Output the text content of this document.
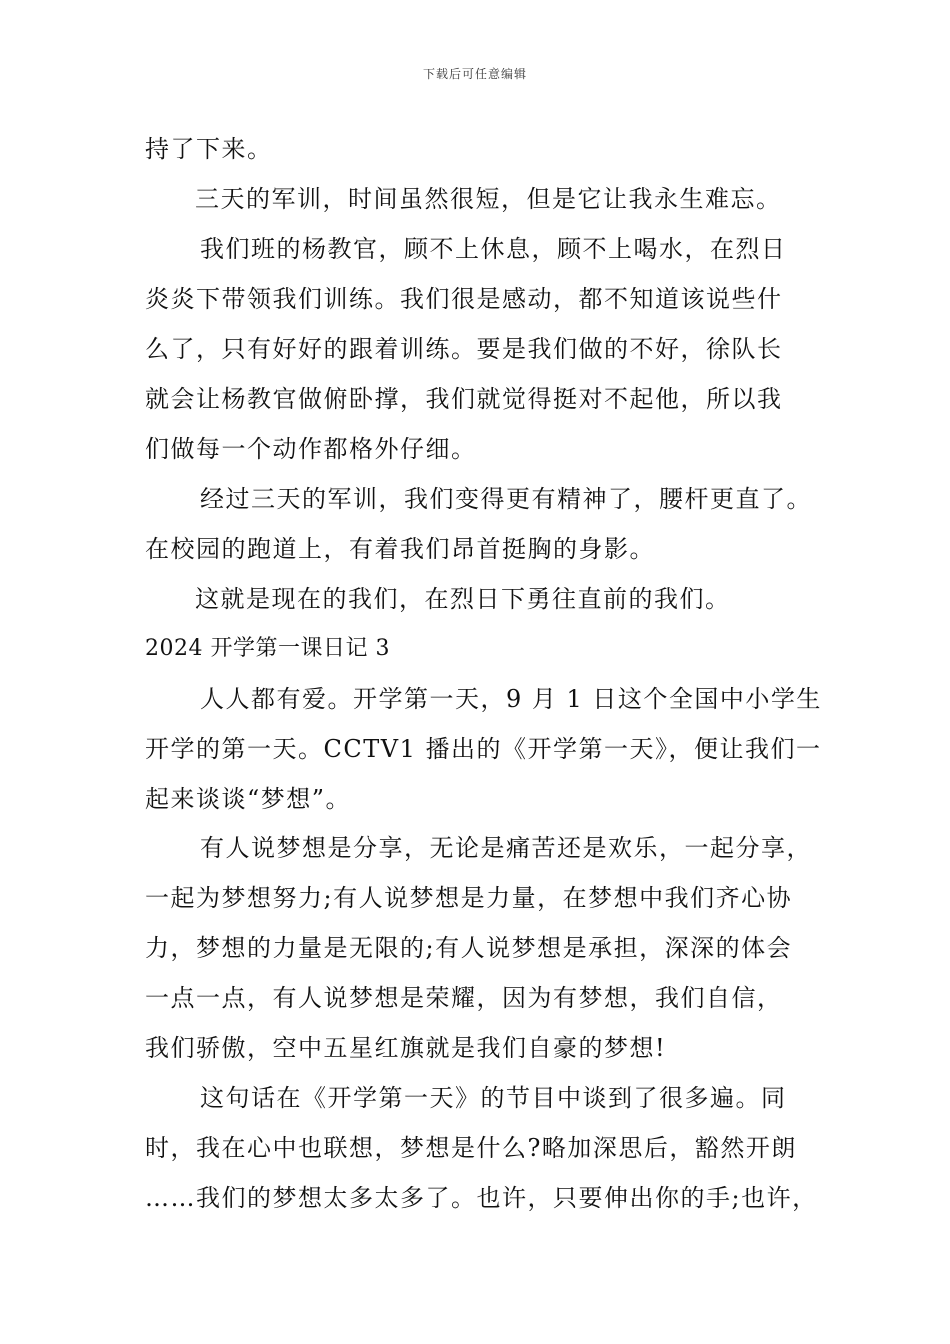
下载后可任意编辑
持了下来。
三天的军训，时间虽然很短，但是它让我永生难忘。
我们班的杨教官，顾不上休息，顾不上喝水，在烈日
炎炎下带领我们训练。我们很是感动，都不知道该说些什
么了，只有好好的跟着训练。要是我们做的不好，徐队长
就会让杨教官做俯卧撑，我们就觉得挺对不起他，所以我
们做每一个动作都格外仔细。
经过三天的军训，我们变得更有精神了，腰杆更直了。
在校园的跑道上，有着我们昂首挺胸的身影。
这就是现在的我们，在烈日下勇往直前的我们。
2024 开学第一课日记 3
人人都有爱。开学第一天，9 月 1 日这个全国中小学生
开学的第一天。CCTV1 播出的《开学第一天》，便让我们一
起来谈谈“梦想”。
有人说梦想是分享，无论是痛苦还是欢乐，一起分享，
一起为梦想努力;有人说梦想是力量，在梦想中我们齐心协
力，梦想的力量是无限的;有人说梦想是承担，深深的体会
一点一点，有人说梦想是荣耀，因为有梦想，我们自信，
我们骄傲，空中五星红旗就是我们自豪的梦想!
这句话在《开学第一天》的节目中谈到了很多遍。同
时，我在心中也联想，梦想是什么?略加深思后，豁然开朗
……我们的梦想太多太多了。也许，只要伸出你的手;也许，
